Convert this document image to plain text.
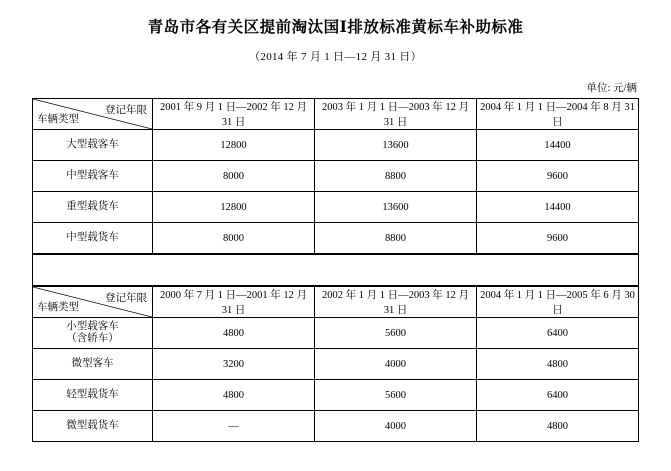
青岛市各有关区提前淘汰国Ⅰ排放标准黄标车补助标准
（2014 年 7 月 1 日—12 月 31 日）
单位: 元/辆
登记年限
车辆类型	2001 年 9 月 1 日—2002 年 12 月 31 日	2003 年 1 月 1 日—2003 年 12 月 31 日	2004 年 1 月 1 日—2004 年 8 月 31 日
大型载客车	12800	13600	14400
中型载客车	8000	8800	9600
重型载货车	12800	13600	14400
中型载货车	8000	8800	9600
登记年限
车辆类型	2000 年 7 月 1 日—2001 年 12 月 31 日	2002 年 1 月 1 日—2003 年 12 月 31 日	2004 年 1 月 1 日—2005 年 6 月 30 日

小型载客车
（含轿车）	4800	5600	6400
微型客车	3200	4000	4800
轻型载货车	4800	5600	6400
微型载货车	—	4000	4800
